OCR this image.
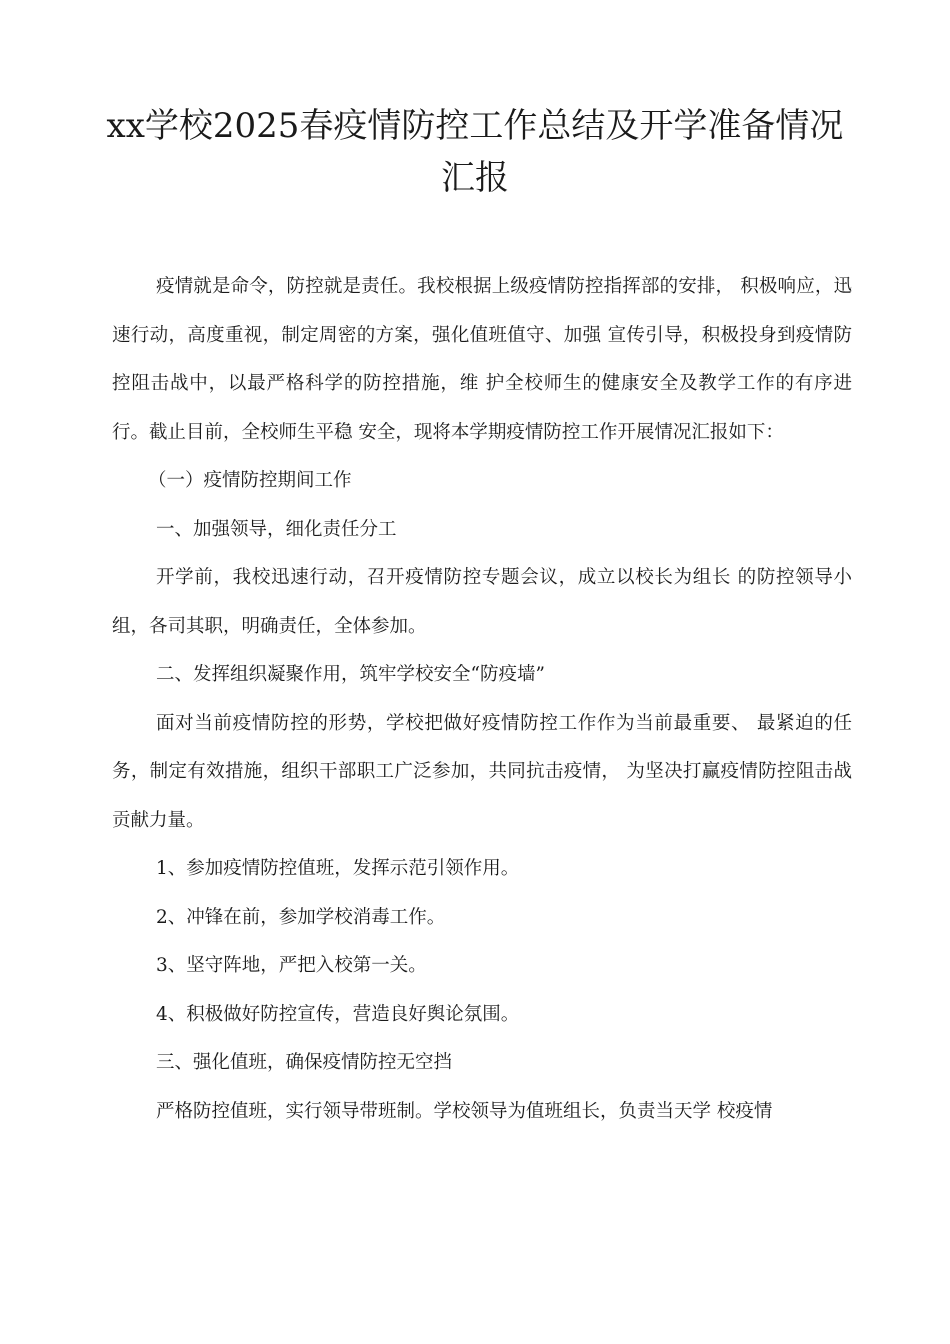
xx学校2025春疫情防控工作总结及开学准备情况
汇报

疫情就是命令，防控就是责任。我校根据上级疫情防控指挥部的安排， 积极响应，迅速行动，高度重视，制定周密的方案，强化值班值守、加强 宣传引导，积极投身到疫情防控阻击战中，以最严格科学的防控措施，维 护全校师生的健康安全及教学工作的有序进行。截止目前，全校师生平稳 安全，现将本学期疫情防控工作开展情况汇报如下：

（一）疫情防控期间工作

一、加强领导，细化责任分工

开学前，我校迅速行动，召开疫情防控专题会议，成立以校长为组长 的防控领导小组，各司其职，明确责任，全体参加。

二、发挥组织凝聚作用，筑牢学校安全“防疫墙”

面对当前疫情防控的形势，学校把做好疫情防控工作作为当前最重要、 最紧迫的任务，制定有效措施，组织干部职工广泛参加，共同抗击疫情， 为坚决打赢疫情防控阻击战贡献力量。

1、参加疫情防控值班，发挥示范引领作用。

2、冲锋在前，参加学校消毒工作。

3、坚守阵地，严把入校第一关。

4、积极做好防控宣传，营造良好舆论氛围。

三、强化值班，确保疫情防控无空挡

严格防控值班，实行领导带班制。学校领导为值班组长，负责当天学 校疫情
